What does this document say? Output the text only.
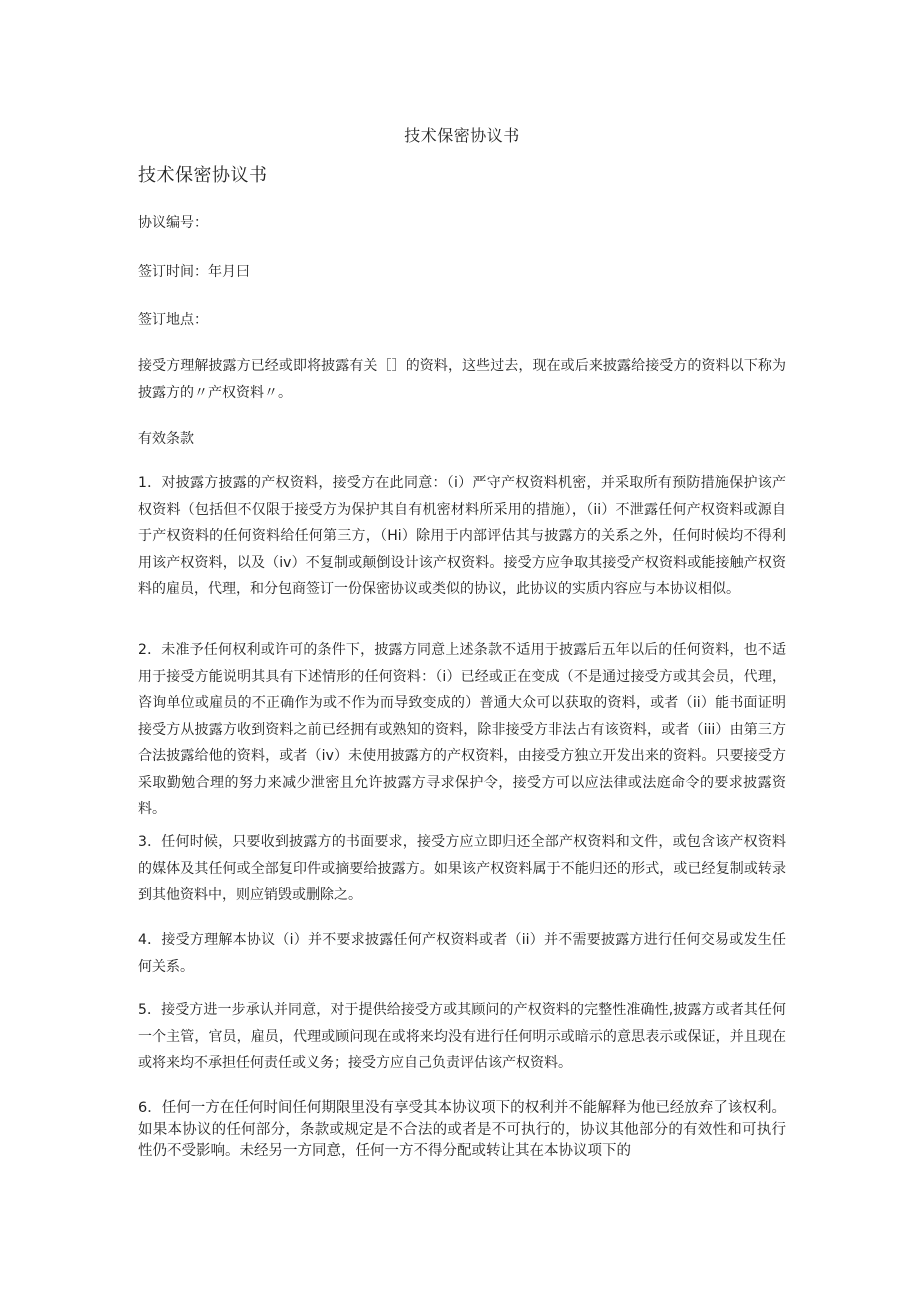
技术保密协议书
技术保密协议书
协议编号：
签订时间：年月曰
签订地点：
接受方理解披露方已经或即将披露有关［］的资料，这些过去，现在或后来披露给接受方的资料以下称为披露方的〃产权资料〃。
有效条款
1．对披露方披露的产权资料，接受方在此同意：（i）严守产权资料机密，并采取所有预防措施保护该产权资料（包括但不仅限于接受方为保护其自有机密材料所采用的措施），（ii）不泄露任何产权资料或源自于产权资料的任何资料给任何第三方，（Hi）除用于内部评估其与披露方的关系之外，任何时候均不得利用该产权资料，以及（iv）不复制或颠倒设计该产权资料。接受方应争取其接受产权资料或能接触产权资料的雇员，代理，和分包商签订一份保密协议或类似的协议，此协议的实质内容应与本协议相似。
2．未准予任何权利或许可的条件下，披露方同意上述条款不适用于披露后五年以后的任何资料，也不适用于接受方能说明其具有下述情形的任何资料：（i）已经或正在变成（不是通过接受方或其会员，代理，咨询单位或雇员的不正确作为或不作为而导致变成的）普通大众可以获取的资料，或者（ii）能书面证明接受方从披露方收到资料之前已经拥有或熟知的资料，除非接受方非法占有该资料，或者（iii）由第三方合法披露给他的资料，或者（iv）未使用披露方的产权资料，由接受方独立开发出来的资料。只要接受方采取勤勉合理的努力来减少泄密且允许披露方寻求保护令，接受方可以应法律或法庭命令的要求披露资料。
3．任何时候，只要收到披露方的书面要求，接受方应立即归还全部产权资料和文件，或包含该产权资料的媒体及其任何或全部复印件或摘要给披露方。如果该产权资料属于不能归还的形式，或已经复制或转录到其他资料中，则应销毁或删除之。
4．接受方理解本协议（i）并不要求披露任何产权资料或者（ii）并不需要披露方进行任何交易或发生任何关系。
5．接受方进一步承认并同意，对于提供给接受方或其顾问的产权资料的完整性准确性,披露方或者其任何一个主管，官员，雇员，代理或顾问现在或将来均没有进行任何明示或暗示的意思表示或保证，并且现在或将来均不承担任何责任或义务；接受方应自己负责评估该产权资料。
6．任何一方在任何时间任何期限里没有享受其本协议项下的权利并不能解释为他已经放弃了该权利。如果本协议的任何部分，条款或规定是不合法的或者是不可执行的，协议其他部分的有效性和可执行性仍不受影响。未经另一方同意，任何一方不得分配或转让其在本协议项下的
